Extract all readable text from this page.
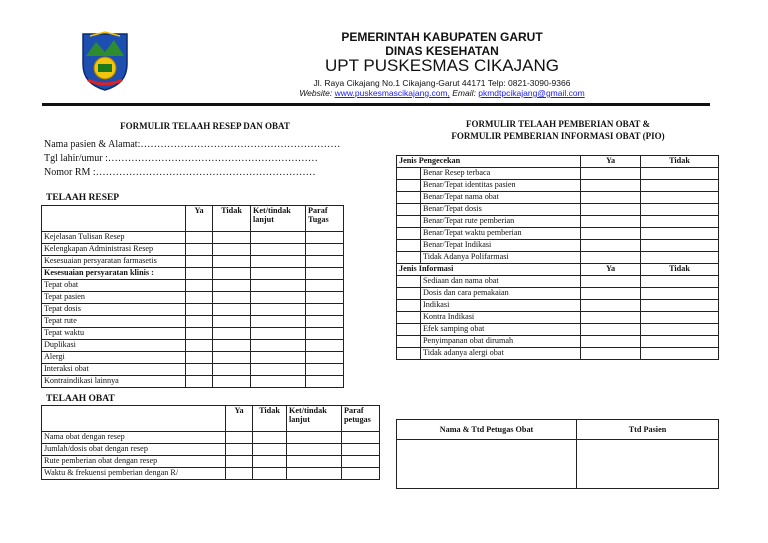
PEMERINTAH KABUPATEN GARUT
DINAS KESEHATAN
UPT PUSKESMAS CIKAJANG
Jl. Raya Cikajang No.1 Cikajang-Garut 44171 Telp: 0821-3090-9366
Website: www.puskesmascikajang.com, Email: pkmdtpcikajang@gmail.com
FORMULIR TELAAH RESEP DAN OBAT
Nama pasien & Alamat:……………………………………………………
Tgl lahir/umur :………………………………………………………
Nomor RM :…………………………………………………………
TELAAH RESEP
	Ya	Tidak	Ket/tindak lanjut	Paraf Tugas
Kejelasan Tulisan Resep				
Kelengkapan Administrasi Resep				
Kesesuaian persyaratan farmasetis				
Kesesuaian persyaratan klinis :				
Tepat obat				
Tepat pasien				
Tepat dosis				
Tepat rute				
Tepat waktu				
Duplikasi				
Alergi				
Interaksi obat				
Kontraindikasi lainnya				
TELAAH OBAT
	Ya	Tidak	Ket/tindak lanjut	Paraf petugas
Nama obat dengan resep				
Jumlah/dosis obat dengan resep				
Rute pemberian obat dengan resep				
Waktu & frekuensi pemberian dengan R/				
FORMULIR TELAAH PEMBERIAN OBAT &
FORMULIR PEMBERIAN INFORMASI OBAT (PIO)
Jenis Pengecekan		Ya	Tidak
	Benar Resep terbaca		
	Benar/Tepat identitas pasien		
	Benar/Tepat nama obat		
	Benar/Tepat dosis		
	Benar/Tepat rute pemberian		
	Benar/Tepat waktu pemberian		
	Benar/Tepat Indikasi		
	Tidak Adanya Polifarmasi		
Jenis Informasi		Ya	Tidak
	Sediaan dan nama obat		
	Dosis dan cara pemakaian		
	Indikasi		
	Kontra Indikasi		
	Efek samping obat		
	Penyimpanan obat dirumah		
	Tidak adanya alergi obat		
Nama & Ttd Petugas Obat	Ttd Pasien
